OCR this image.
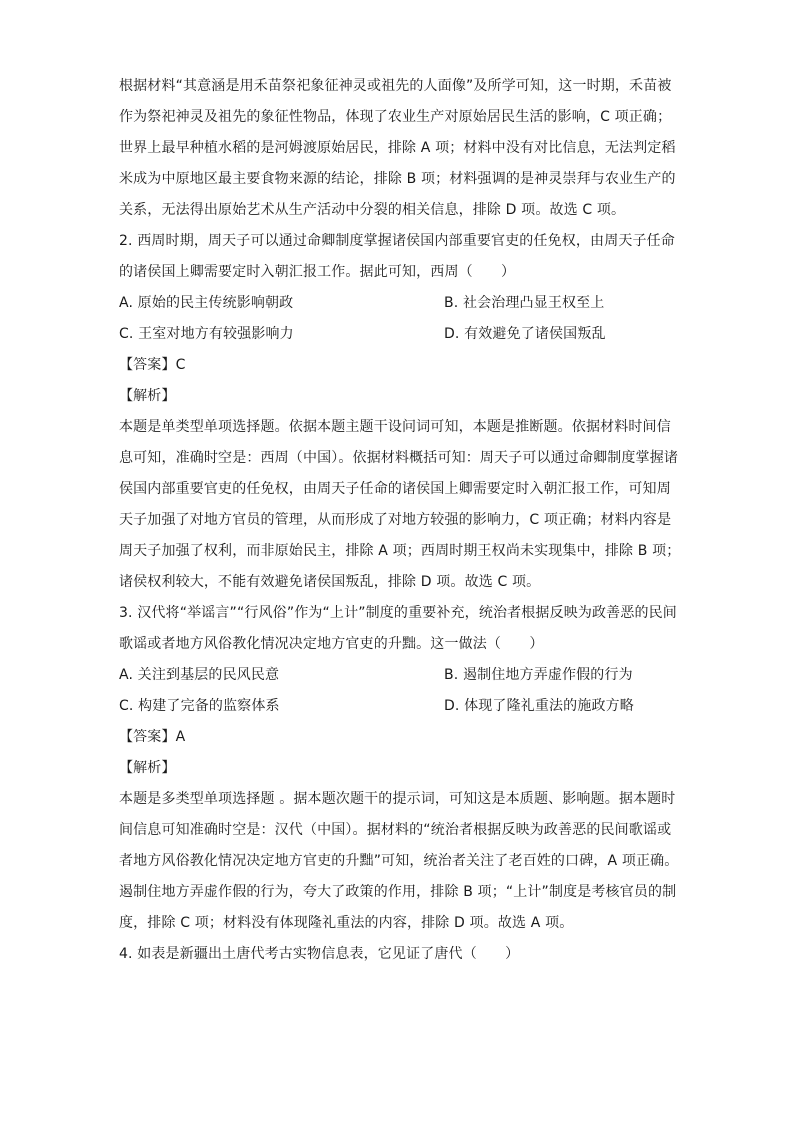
根据材料“其意涵是用禾苗祭祀象征神灵或祖先的人面像”及所学可知，这一时期，禾苗被
作为祭祀神灵及祖先的象征性物品，体现了农业生产对原始居民生活的影响，C 项正确；
世界上最早种植水稻的是河姆渡原始居民，排除 A 项；材料中没有对比信息，无法判定稻
米成为中原地区最主要食物来源的结论，排除 B 项；材料强调的是神灵崇拜与农业生产的
关系，无法得出原始艺术从生产活动中分裂的相关信息，排除 D 项。故选 C 项。
2. 西周时期，周天子可以通过命卿制度掌握诸侯国内部重要官吏的任免权，由周天子任命
的诸侯国上卿需要定时入朝汇报工作。据此可知，西周（　　）
A. 原始的民主传统影响朝政	B. 社会治理凸显王权至上
C. 王室对地方有较强影响力	D. 有效避免了诸侯国叛乱
【答案】C
【解析】
本题是单类型单项选择题。依据本题主题干设问词可知，本题是推断题。依据材料时间信
息可知，准确时空是：西周（中国）。依据材料概括可知：周天子可以通过命卿制度掌握诸
侯国内部重要官吏的任免权，由周天子任命的诸侯国上卿需要定时入朝汇报工作，可知周
天子加强了对地方官员的管理，从而形成了对地方较强的影响力，C 项正确；材料内容是
周天子加强了权利，而非原始民主，排除 A 项；西周时期王权尚未实现集中，排除 B 项；
诸侯权利较大，不能有效避免诸侯国叛乱，排除 D 项。故选 C 项。
3. 汉代将“举谣言”“行风俗”作为“上计”制度的重要补充，统治者根据反映为政善恶的民间
歌谣或者地方风俗教化情况决定地方官吏的升黜。这一做法（　　）
A. 关注到基层的民风民意	B. 遏制住地方弄虚作假的行为
C. 构建了完备的监察体系	D. 体现了隆礼重法的施政方略
【答案】A
【解析】
本题是多类型单项选择题 。据本题次题干的提示词，可知这是本质题、影响题。据本题时
间信息可知准确时空是：汉代（中国）。据材料的“统治者根据反映为政善恶的民间歌谣或
者地方风俗教化情况决定地方官吏的升黜”可知，统治者关注了老百姓的口碑，A 项正确。
遏制住地方弄虚作假的行为，夸大了政策的作用，排除 B 项；“上计”制度是考核官员的制
度，排除 C 项；材料没有体现隆礼重法的内容，排除 D 项。故选 A 项。
4. 如表是新疆出土唐代考古实物信息表，它见证了唐代（　　）
